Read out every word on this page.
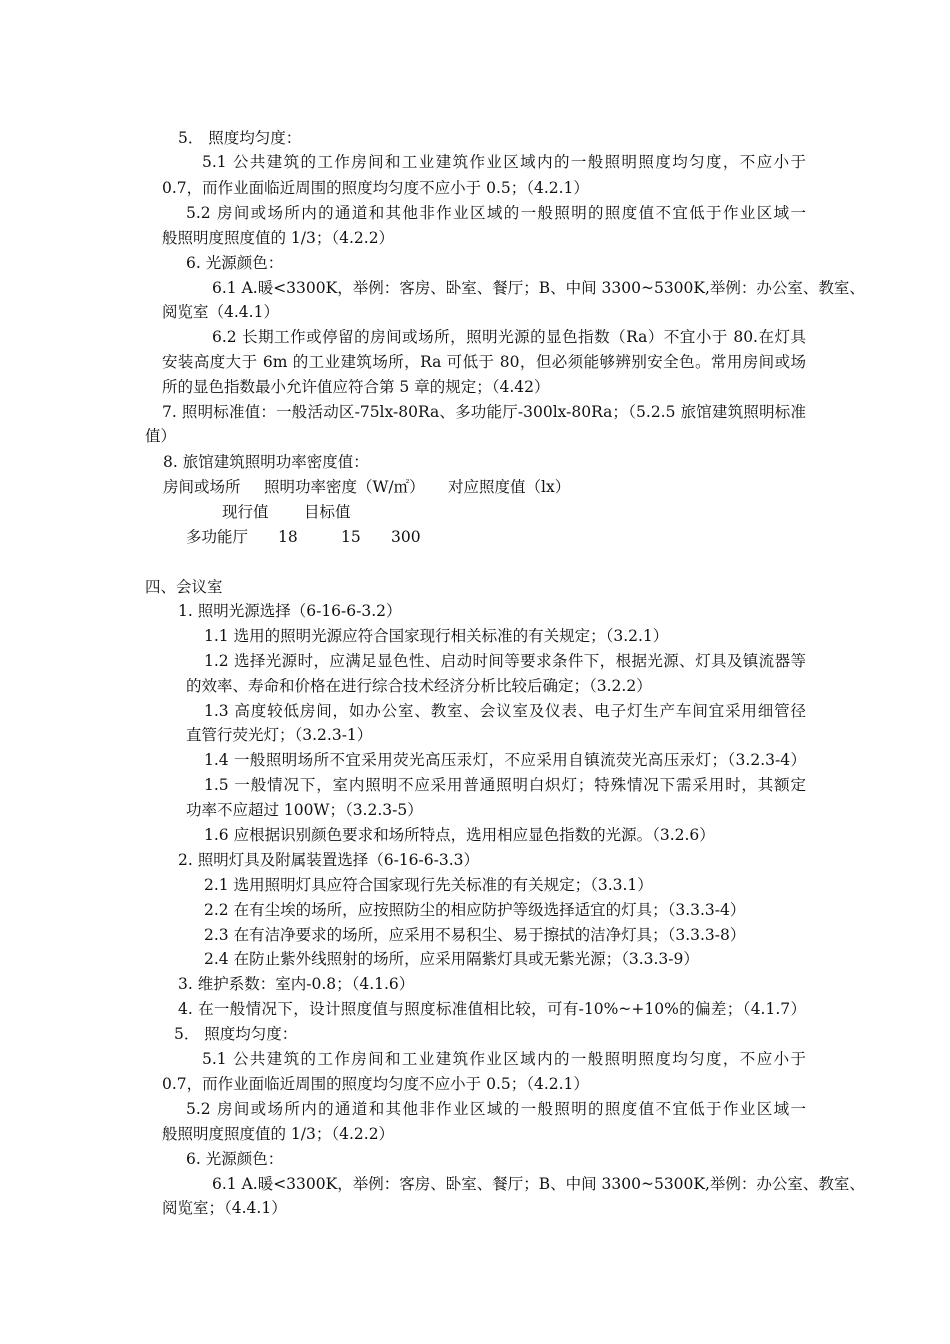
5． 照度均匀度：
5.1 公共建筑的工作房间和工业建筑作业区域内的一般照明照度均匀度，不应小于
0.7，而作业面临近周围的照度均匀度不应小于 0.5；（4.2.1）
5.2 房间或场所内的通道和其他非作业区域的一般照明的照度值不宜低于作业区域一
般照明度照度值的 1/3；（4.2.2）
6. 光源颜色：
6.1 A.暖<3300K，举例：客房、卧室、餐厅；B、中间 3300~5300K,举例：办公室、教室、
阅览室（4.4.1）
6.2 长期工作或停留的房间或场所，照明光源的显色指数（Ra）不宜小于 80.在灯具
安装高度大于 6m 的工业建筑场所，Ra 可低于 80，但必须能够辨别安全色。常用房间或场
所的显色指数最小允许值应符合第 5 章的规定；（4.42）
7. 照明标准值：一般活动区-75lx-80Ra、多功能厅-300lx-80Ra；（5.2.5 旅馆建筑照明标准
值）
8. 旅馆建筑照明功率密度值：
房间或场所 照明功率密度（W/㎡） 对应照度值（lx）
现行值 目标值
多功能厅 18	15 300
四、会议室
1. 照明光源选择（6-16-6-3.2）
1.1 选用的照明光源应符合国家现行相关标准的有关规定；（3.2.1）
1.2 选择光源时，应满足显色性、启动时间等要求条件下，根据光源、灯具及镇流器等
的效率、寿命和价格在进行综合技术经济分析比较后确定；（3.2.2）
1.3 高度较低房间，如办公室、教室、会议室及仪表、电子灯生产车间宜采用细管径
直管行荧光灯；（3.2.3-1）
1.4 一般照明场所不宜采用荧光高压汞灯，不应采用自镇流荧光高压汞灯；（3.2.3-4）
1.5 一般情况下，室内照明不应采用普通照明白炽灯；特殊情况下需采用时，其额定
功率不应超过 100W；（3.2.3-5）
1.6 应根据识别颜色要求和场所特点，选用相应显色指数的光源。（3.2.6）
2. 照明灯具及附属装置选择（6-16-6-3.3）
2.1 选用照明灯具应符合国家现行先关标准的有关规定；（3.3.1）
2.2 在有尘埃的场所，应按照防尘的相应防护等级选择适宜的灯具；（3.3.3-4）
2.3 在有洁净要求的场所，应采用不易积尘、易于擦拭的洁净灯具；（3.3.3-8）
2.4 在防止紫外线照射的场所，应采用隔紫灯具或无紫光源；（3.3.3-9）
3. 维护系数：室内-0.8；（4.1.6）
4. 在一般情况下，设计照度值与照度标准值相比较，可有-10%~+10%的偏差；（4.1.7）
5． 照度均匀度：
5.1 公共建筑的工作房间和工业建筑作业区域内的一般照明照度均匀度，不应小于
0.7，而作业面临近周围的照度均匀度不应小于 0.5；（4.2.1）
5.2 房间或场所内的通道和其他非作业区域的一般照明的照度值不宜低于作业区域一
般照明度照度值的 1/3；（4.2.2）
6. 光源颜色：
6.1 A.暖<3300K，举例：客房、卧室、餐厅；B、中间 3300~5300K,举例：办公室、教室、
阅览室；（4.4.1）
